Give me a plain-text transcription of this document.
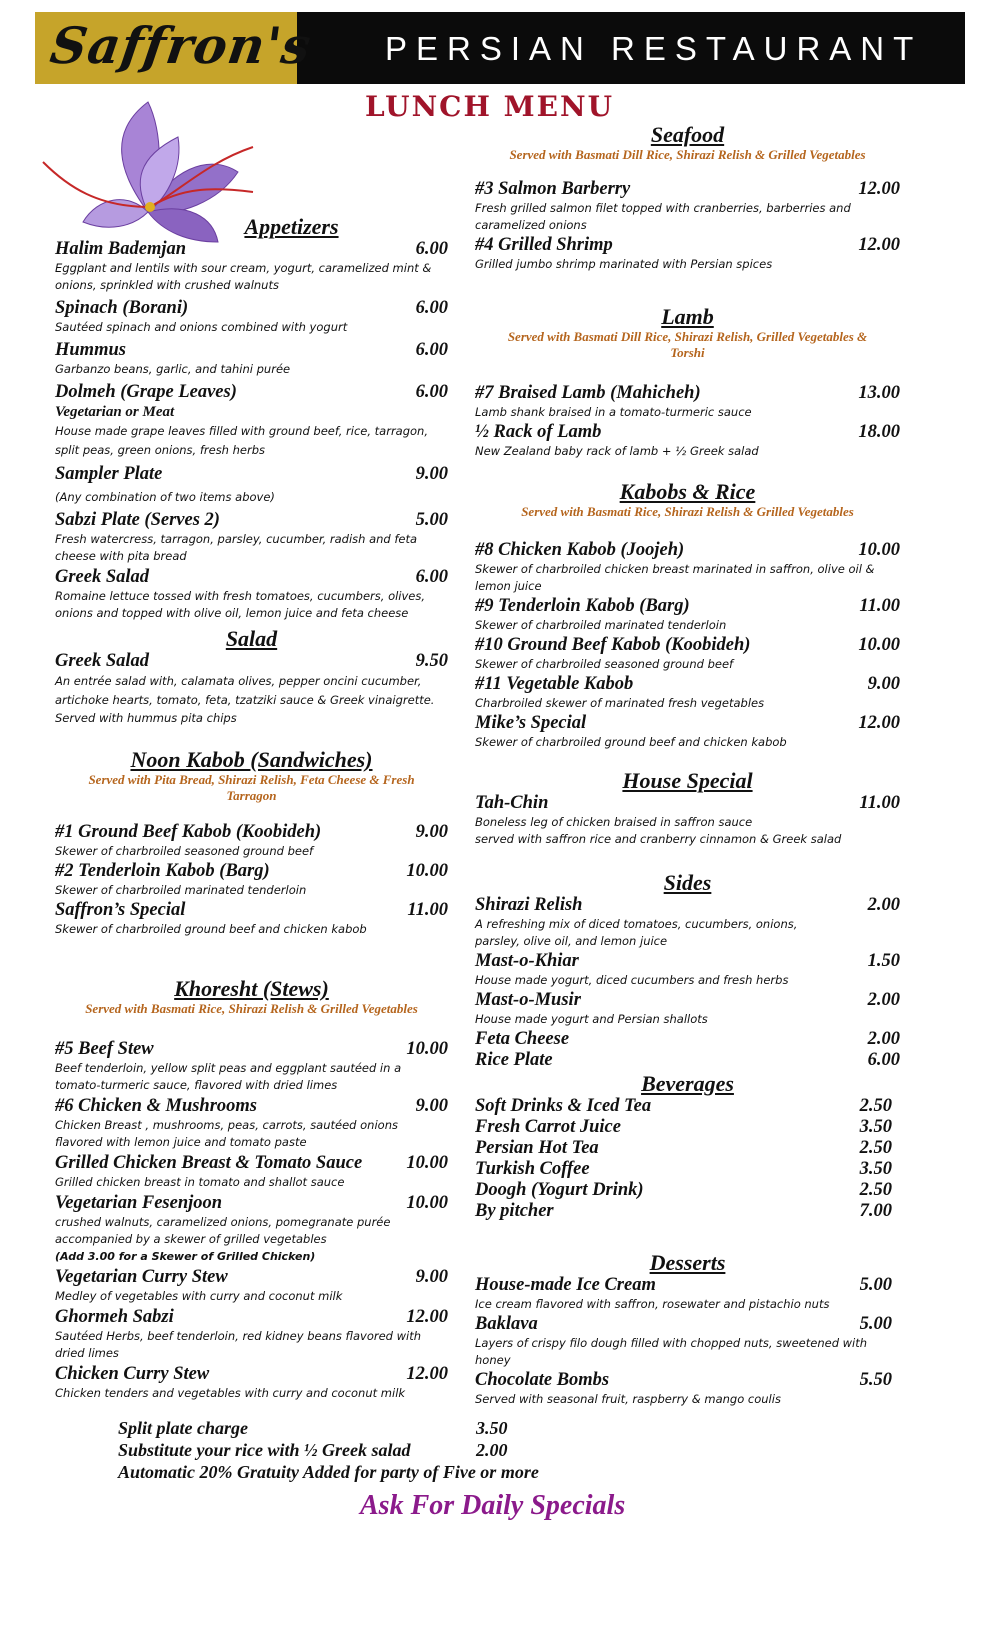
Saffron's PERSIAN RESTAURANT
LUNCH MENU
Appetizers
Halim Bademjan	6.00
Eggplant and lentils with sour cream, yogurt, caramelized mint & onions, sprinkled with crushed walnuts
Spinach (Borani)	6.00
Sautéed spinach and onions combined with yogurt
Hummus	6.00
Garbanzo beans, garlic, and tahini purée
Dolmeh (Grape Leaves)	6.00
Vegetarian or Meat
House made grape leaves filled with ground beef, rice, tarragon, split peas, green onions, fresh herbs
Sampler Plate	9.00
(Any combination of two items above)
Sabzi Plate (Serves 2)	5.00
Fresh watercress, tarragon, parsley, cucumber, radish and feta cheese with pita bread
Greek Salad	6.00
Romaine lettuce tossed with fresh tomatoes, cucumbers, olives, onions and topped with olive oil, lemon juice and feta cheese
Salad
Greek Salad	9.50
An entrée salad with, calamata olives, pepper oncini cucumber, artichoke hearts, tomato, feta, tzatziki sauce & Greek vinaigrette.
Served with hummus pita chips
Noon Kabob (Sandwiches)
Served with Pita Bread, Shirazi Relish, Feta Cheese & Fresh Tarragon
#1 Ground Beef Kabob (Koobideh)	9.00
Skewer of charbroiled seasoned ground beef
#2 Tenderloin Kabob (Barg)	10.00
Skewer of charbroiled marinated tenderloin
Saffron’s Special	11.00
Skewer of charbroiled ground beef and chicken kabob
Khoresht (Stews)
Served with Basmati Rice, Shirazi Relish & Grilled Vegetables
#5 Beef Stew	10.00
Beef tenderloin, yellow split peas and eggplant sautéed in a tomato-turmeric sauce, flavored with dried limes
#6 Chicken & Mushrooms	9.00
Chicken Breast , mushrooms, peas, carrots, sautéed onions flavored with lemon juice and tomato paste
Grilled Chicken Breast & Tomato Sauce 10.00
Grilled chicken breast in tomato and shallot sauce
Vegetarian Fesenjoon	10.00
crushed walnuts, caramelized onions, pomegranate purée accompanied by a skewer of grilled vegetables
(Add 3.00 for a Skewer of Grilled Chicken)
Vegetarian Curry Stew	9.00
Medley of vegetables with curry and coconut milk
Ghormeh Sabzi	12.00
Sautéed Herbs, beef tenderloin, red kidney beans flavored with dried limes
Chicken Curry Stew	12.00
Chicken tenders and vegetables with curry and coconut milk
Seafood
Served with Basmati Dill Rice, Shirazi Relish & Grilled Vegetables
#3 Salmon Barberry	12.00
Fresh grilled salmon filet topped with cranberries, barberries and caramelized onions
#4 Grilled Shrimp	12.00
Grilled jumbo shrimp marinated with Persian spices
Lamb
Served with Basmati Dill Rice, Shirazi Relish, Grilled Vegetables & Torshi
#7 Braised Lamb (Mahicheh)	13.00
Lamb shank braised in a tomato-turmeric sauce
½ Rack of Lamb	18.00
New Zealand baby rack of lamb + ½ Greek salad
Kabobs & Rice
Served with Basmati Rice, Shirazi Relish & Grilled Vegetables
#8 Chicken Kabob (Joojeh)	10.00
Skewer of charbroiled chicken breast marinated in saffron, olive oil & lemon juice
#9 Tenderloin Kabob (Barg)	11.00
Skewer of charbroiled marinated tenderloin
#10 Ground Beef Kabob (Koobideh)	10.00
Skewer of charbroiled seasoned ground beef
#11 Vegetable Kabob	9.00
Charbroiled skewer of marinated fresh vegetables
Mike’s Special	12.00
Skewer of charbroiled ground beef and chicken kabob
House Special
Tah-Chin	11.00
Boneless leg of chicken braised in saffron sauce
served with saffron rice and cranberry cinnamon & Greek salad
Sides
Shirazi Relish	2.00
A refreshing mix of diced tomatoes, cucumbers, onions, parsley, olive oil, and lemon juice
Mast-o-Khiar	1.50
House made yogurt, diced cucumbers and fresh herbs
Mast-o-Musir	2.00
House made yogurt and Persian shallots
Feta Cheese	2.00
Rice Plate	6.00
Beverages
Soft Drinks & Iced Tea	2.50
Fresh Carrot Juice	3.50
Persian Hot Tea	2.50
Turkish Coffee	3.50
Doogh (Yogurt Drink)	2.50
By pitcher	7.00
Desserts
House-made Ice Cream	5.00
Ice cream flavored with saffron, rosewater and pistachio nuts
Baklava	5.00
Layers of crispy filo dough filled with chopped nuts, sweetened with honey
Chocolate Bombs	5.50
Served with seasonal fruit, raspberry & mango coulis
Split plate charge	3.50
Substitute your rice with ½ Greek salad	2.00
Automatic 20% Gratuity Added for party of Five or more
Ask For Daily Specials
